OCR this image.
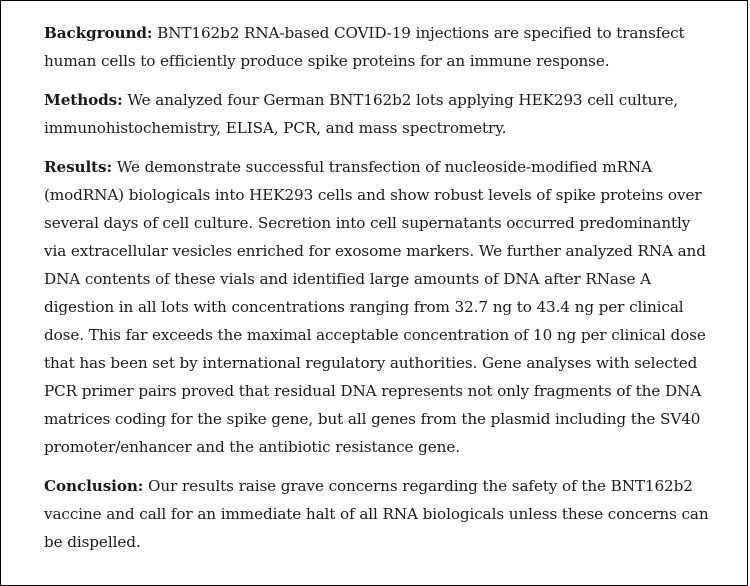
Background: BNT162b2 RNA-based COVID-19 injections are specified to transfect human cells to efficiently produce spike proteins for an immune response.

Methods: We analyzed four German BNT162b2 lots applying HEK293 cell culture, immunohistochemistry, ELISA, PCR, and mass spectrometry.

Results: We demonstrate successful transfection of nucleoside-modified mRNA (modRNA) biologicals into HEK293 cells and show robust levels of spike proteins over several days of cell culture. Secretion into cell supernatants occurred predominantly via extracellular vesicles enriched for exosome markers. We further analyzed RNA and DNA contents of these vials and identified large amounts of DNA after RNase A digestion in all lots with concentrations ranging from 32.7 ng to 43.4 ng per clinical dose. This far exceeds the maximal acceptable concentration of 10 ng per clinical dose that has been set by international regulatory authorities. Gene analyses with selected PCR primer pairs proved that residual DNA represents not only fragments of the DNA matrices coding for the spike gene, but all genes from the plasmid including the SV40 promoter/enhancer and the antibiotic resistance gene.

Conclusion: Our results raise grave concerns regarding the safety of the BNT162b2 vaccine and call for an immediate halt of all RNA biologicals unless these concerns can be dispelled.
